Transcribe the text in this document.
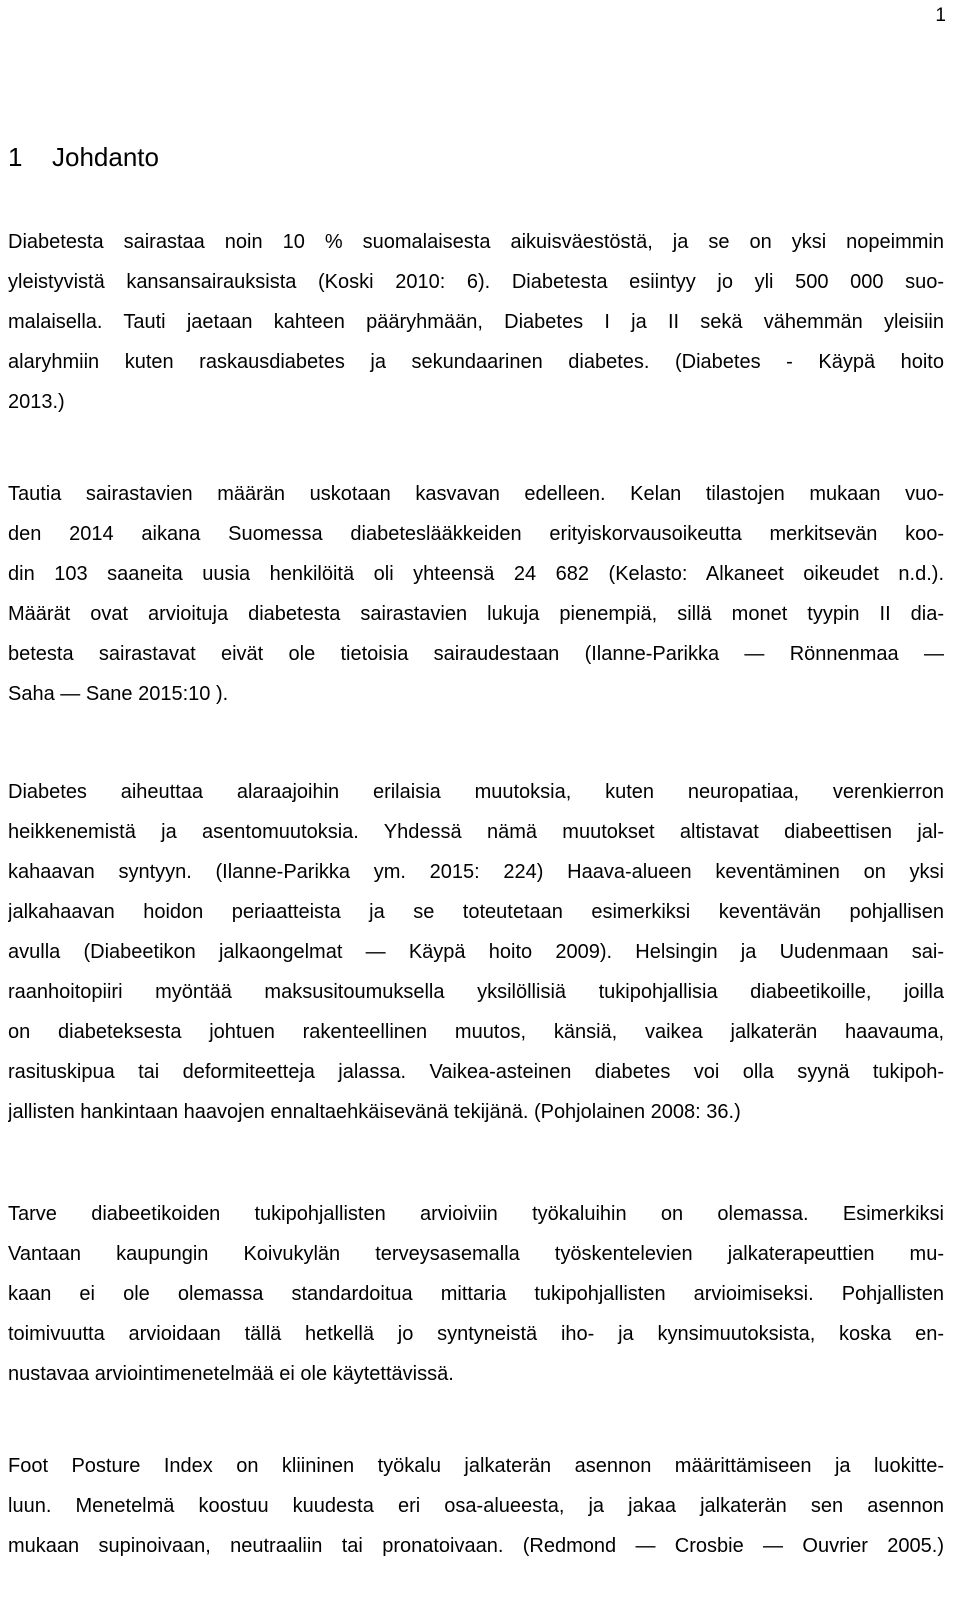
1
1 Johdanto
Diabetesta sairastaa noin 10 % suomalaisesta aikuisväestöstä, ja se on yksi nopeimmin
yleistyvistä kansansairauksista (Koski 2010: 6). Diabetesta esiintyy jo yli 500 000 suo-
malaisella. Tauti jaetaan kahteen pääryhmään, Diabetes I ja II sekä vähemmän yleisiin
alaryhmiin kuten raskausdiabetes ja sekundaarinen diabetes. (Diabetes - Käypä hoito
2013.)
Tautia sairastavien määrän uskotaan kasvavan edelleen. Kelan tilastojen mukaan vuo-
den 2014 aikana Suomessa diabeteslääkkeiden erityiskorvausoikeutta merkitsevän koo-
din 103 saaneita uusia henkilöitä oli yhteensä 24 682 (Kelasto: Alkaneet oikeudet n.d.).
Määrät ovat arvioituja diabetesta sairastavien lukuja pienempiä, sillä monet tyypin II dia-
betesta sairastavat eivät ole tietoisia sairaudestaan (Ilanne-Parikka — Rönnenmaa —
Saha — Sane 2015:10 ).
Diabetes aiheuttaa alaraajoihin erilaisia muutoksia, kuten neuropatiaa, verenkierron
heikkenemistä ja asentomuutoksia. Yhdessä nämä muutokset altistavat diabeettisen jal-
kahaavan syntyyn. (Ilanne-Parikka ym. 2015: 224) Haava-alueen keventäminen on yksi
jalkahaavan hoidon periaatteista ja se toteutetaan esimerkiksi keventävän pohjallisen
avulla (Diabeetikon jalkaongelmat — Käypä hoito 2009). Helsingin ja Uudenmaan sai-
raanhoitopiiri myöntää maksusitoumuksella yksilöllisiä tukipohjallisia diabeetikoille, joilla
on diabeteksesta johtuen rakenteellinen muutos, känsiä, vaikea jalkaterän haavauma,
rasituskipua tai deformiteetteja jalassa. Vaikea-asteinen diabetes voi olla syynä tukipoh-
jallisten hankintaan haavojen ennaltaehkäisevänä tekijänä. (Pohjolainen 2008: 36.)
Tarve diabeetikoiden tukipohjallisten arvioiviin työkaluihin on olemassa. Esimerkiksi
Vantaan kaupungin Koivukylän terveysasemalla työskentelevien jalkaterapeuttien mu-
kaan ei ole olemassa standardoitua mittaria tukipohjallisten arvioimiseksi. Pohjallisten
toimivuutta arvioidaan tällä hetkellä jo syntyneistä iho- ja kynsimuutoksista, koska en-
nustavaa arviointimenetelmää ei ole käytettävissä.
Foot Posture Index on kliininen työkalu jalkaterän asennon määrittämiseen ja luokitte-
luun. Menetelmä koostuu kuudesta eri osa-alueesta, ja jakaa jalkaterän sen asennon
mukaan supinoivaan, neutraaliin tai pronatoivaan. (Redmond — Crosbie — Ouvrier 2005.)
